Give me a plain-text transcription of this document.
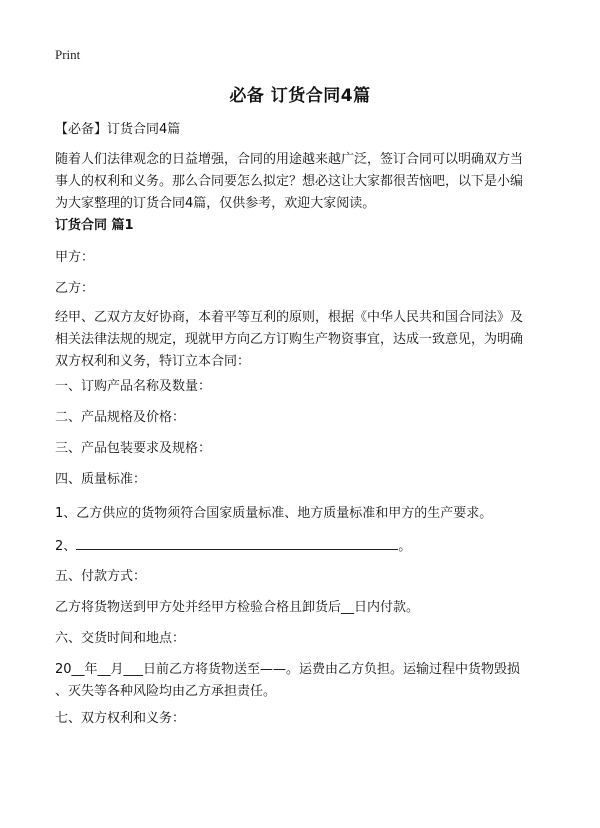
Print
必备 订货合同4篇

【必备】订货合同4篇

随着人们法律观念的日益增强，合同的用途越来越广泛，签订合同可以明确双方当
事人的权利和义务。那么合同要怎么拟定？想必这让大家都很苦恼吧，以下是小编
为大家整理的订货合同4篇，仅供参考，欢迎大家阅读。

订货合同 篇1

甲方：

乙方：

经甲、乙双方友好协商，本着平等互利的原则，根据《中华人民共和国合同法》及
相关法律法规的规定，现就甲方向乙方订购生产物资事宜，达成一致意见，为明确
双方权利和义务，特订立本合同：

一、订购产品名称及数量：

二、产品规格及价格：

三、产品包装要求及规格：

四、质量标准：

1、乙方供应的货物须符合国家质量标准、地方质量标准和甲方的生产要求。

2、	。

五、付款方式：

乙方将货物送到甲方处并经甲方检验合格且卸货后__日内付款。

六、交货时间和地点：

20__年__月___日前乙方将货物送至——。运费由乙方负担。运输过程中货物毁损
、灭失等各种风险均由乙方承担责任。

七、双方权利和义务：
